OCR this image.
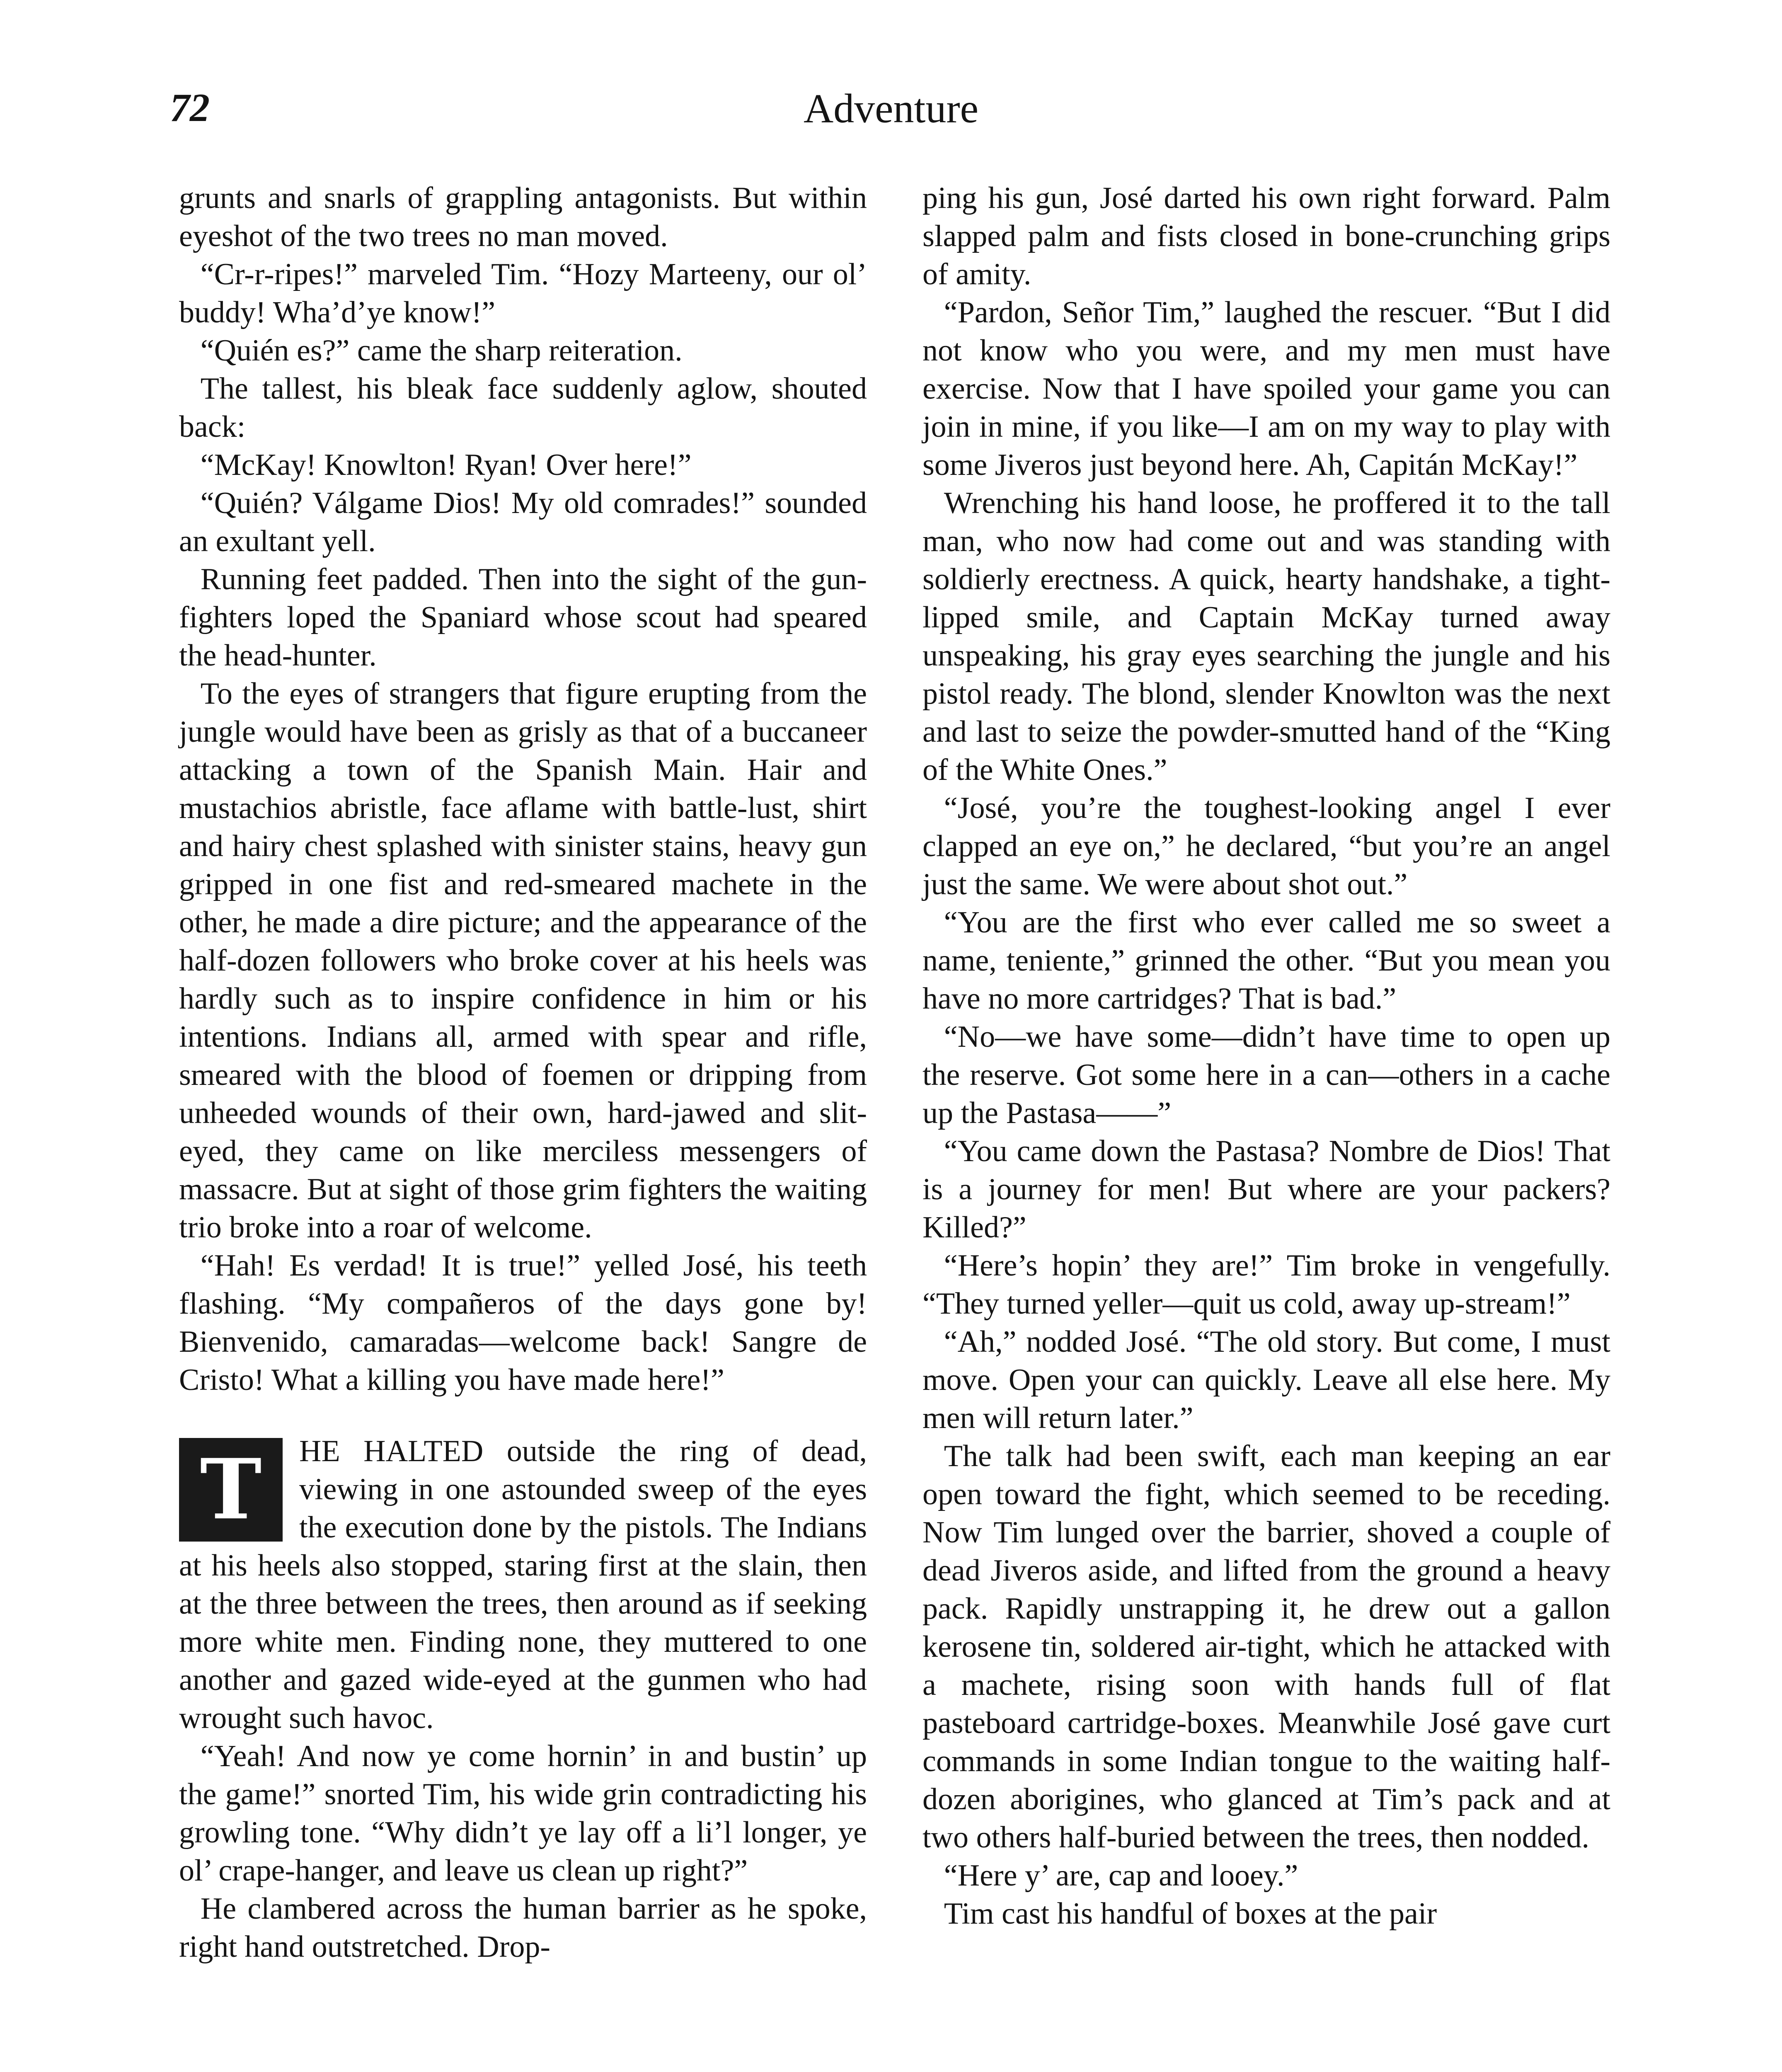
72	Adventure

grunts and snarls of grappling antagonists. But within eyeshot of the two trees no man moved.

“Cr-r-ripes!” marveled Tim. “Hozy Marteeny, our ol’ buddy! Wha’d’ye know!”

“Quién es?” came the sharp reiteration.

The tallest, his bleak face suddenly aglow, shouted back:

“McKay! Knowlton! Ryan! Over here!”

“Quién? Válgame Dios! My old comrades!” sounded an exultant yell.

Running feet padded. Then into the sight of the gun-fighters loped the Spaniard whose scout had speared the head-hunter.

To the eyes of strangers that figure erupting from the jungle would have been as grisly as that of a buccaneer attacking a town of the Spanish Main. Hair and mustachios abristle, face aflame with battle-lust, shirt and hairy chest splashed with sinister stains, heavy gun gripped in one fist and red-smeared machete in the other, he made a dire picture; and the appearance of the half-dozen followers who broke cover at his heels was hardly such as to inspire confidence in him or his intentions. Indians all, armed with spear and rifle, smeared with the blood of foemen or dripping from unheeded wounds of their own, hard-jawed and slit-eyed, they came on like merciless messengers of massacre. But at sight of those grim fighters the waiting trio broke into a roar of welcome.

“Hah! Es verdad! It is true!” yelled José, his teeth flashing. “My compañeros of the days gone by! Bienvenido, camaradas—welcome back! Sangre de Cristo! What a killing you have made here!”

T	HE HALTED outside the ring of dead, viewing in one astounded sweep of the eyes the execution done by the pistols. The Indians at his heels also stopped, staring first at the slain, then at the three between the trees, then around as if seeking more white men. Finding none, they muttered to one another and gazed wide-eyed at the gunmen who had wrought such havoc.

“Yeah! And now ye come hornin’ in and bustin’ up the game!” snorted Tim, his wide grin contradicting his growling tone. “Why didn’t ye lay off a li’l longer, ye ol’ crape-hanger, and leave us clean up right?”

He clambered across the human barrier as he spoke, right hand outstretched. Drop-

ping his gun, José darted his own right forward. Palm slapped palm and fists closed in bone-crunching grips of amity.

“Pardon, Señor Tim,” laughed the rescuer. “But I did not know who you were, and my men must have exercise. Now that I have spoiled your game you can join in mine, if you like—I am on my way to play with some Jiveros just beyond here. Ah, Capitán McKay!”

Wrenching his hand loose, he proffered it to the tall man, who now had come out and was standing with soldierly erectness. A quick, hearty handshake, a tight-lipped smile, and Captain McKay turned away unspeaking, his gray eyes searching the jungle and his pistol ready. The blond, slender Knowlton was the next and last to seize the powder-smutted hand of the “King of the White Ones.”

“José, you’re the toughest-looking angel I ever clapped an eye on,” he declared, “but you’re an angel just the same. We were about shot out.”

“You are the first who ever called me so sweet a name, teniente,” grinned the other. “But you mean you have no more cartridges? That is bad.”

“No—we have some—didn’t have time to open up the reserve. Got some here in a can—others in a cache up the Pastasa——”

“You came down the Pastasa? Nombre de Dios! That is a journey for men! But where are your packers? Killed?”

“Here’s hopin’ they are!” Tim broke in vengefully. “They turned yeller—quit us cold, away up-stream!”

“Ah,” nodded José. “The old story. But come, I must move. Open your can quickly. Leave all else here. My men will return later.”

The talk had been swift, each man keeping an ear open toward the fight, which seemed to be receding. Now Tim lunged over the barrier, shoved a couple of dead Jiveros aside, and lifted from the ground a heavy pack. Rapidly unstrapping it, he drew out a gallon kerosene tin, soldered air-tight, which he attacked with a machete, rising soon with hands full of flat pasteboard cartridge-boxes. Meanwhile José gave curt commands in some Indian tongue to the waiting half-dozen aborigines, who glanced at Tim’s pack and at two others half-buried between the trees, then nodded.

“Here y’ are, cap and looey.”

Tim cast his handful of boxes at the pair
